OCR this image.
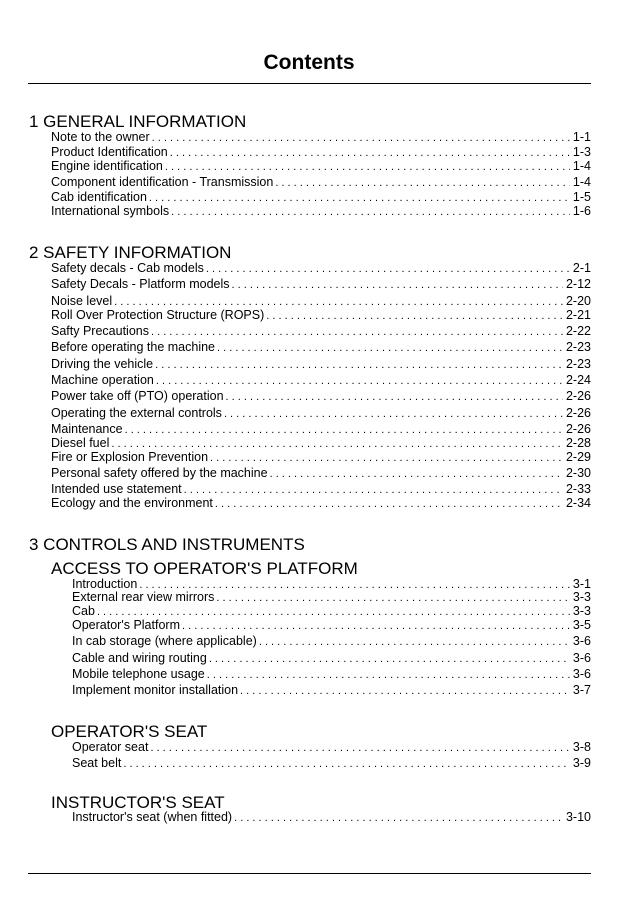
Contents
1 GENERAL INFORMATION
Note to the owner . . .	1-1
Product Identification . . .	1-3
Engine identification . . .	1-4
Component identification - Transmission . . .	1-4
Cab identification . . .	1-5
International symbols . . .	1-6
2 SAFETY INFORMATION
Safety decals - Cab models . . .	2-1
Safety Decals - Platform models . . .	2-12
Noise level . . .	2-20
Roll Over Protection Structure (ROPS) . . .	2-21
Safty Precautions . . .	2-22
Before operating the machine . . .	2-23
Driving the vehicle . . .	2-23
Machine operation . . .	2-24
Power take off (PTO) operation . . .	2-26
Operating the external controls . . .	2-26
Maintenance . . .	2-26
Diesel fuel . . .	2-28
Fire or Explosion Prevention . . .	2-29
Personal safety offered by the machine . . .	2-30
Intended use statement . . .	2-33
Ecology and the environment . . .	2-34
3 CONTROLS AND INSTRUMENTS
ACCESS TO OPERATOR'S PLATFORM
Introduction . . .	3-1
External rear view mirrors . . .	3-3
Cab . . .	3-3
Operator's Platform . . .	3-5
In cab storage (where applicable) . . .	3-6
Cable and wiring routing . . .	3-6
Mobile telephone usage . . .	3-6
Implement monitor installation . . .	3-7
OPERATOR'S SEAT
Operator seat . . .	3-8
Seat belt . . .	3-9
INSTRUCTOR'S SEAT
Instructor's seat (when fitted) . . .	3-10
